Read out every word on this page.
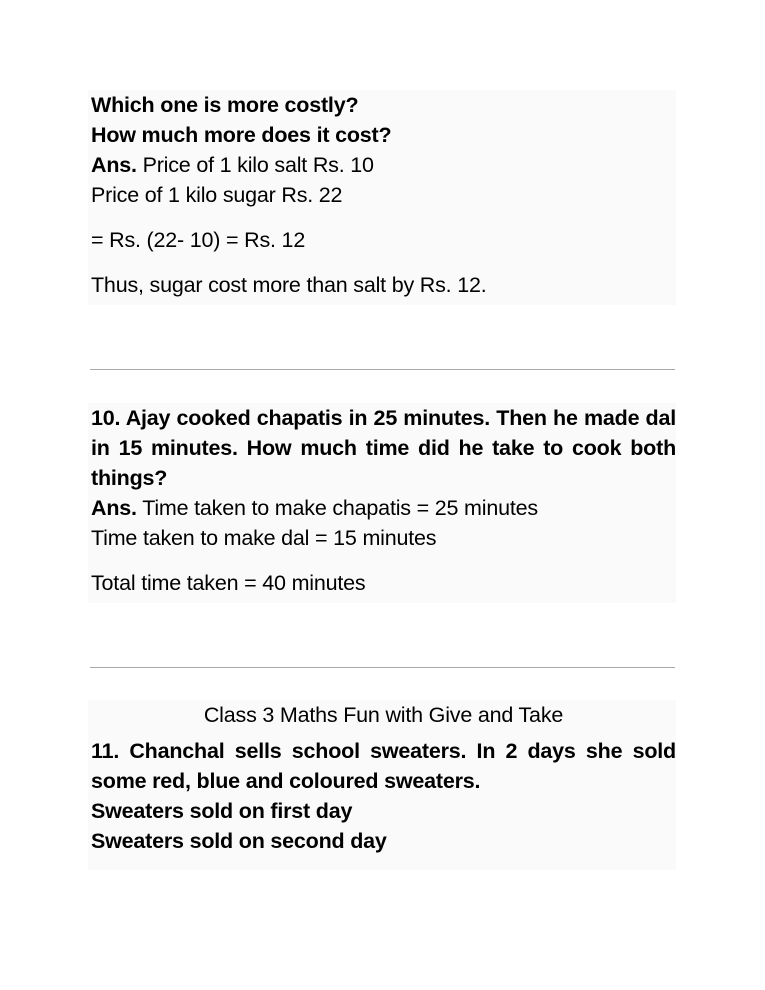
Which one is more costly?
How much more does it cost?
Ans. Price of 1 kilo salt Rs. 10
Price of 1 kilo sugar Rs. 22
= Rs. (22- 10) = Rs. 12
Thus, sugar cost more than salt by Rs. 12.
10. Ajay cooked chapatis in 25 minutes. Then he made dal in 15 minutes. How much time did he take to cook both things?
Ans. Time taken to make chapatis = 25 minutes
Time taken to make dal = 15 minutes
Total time taken = 40 minutes
Class 3 Maths Fun with Give and Take
11. Chanchal sells school sweaters. In 2 days she sold some red, blue and coloured sweaters.
Sweaters sold on first day
Sweaters sold on second day
